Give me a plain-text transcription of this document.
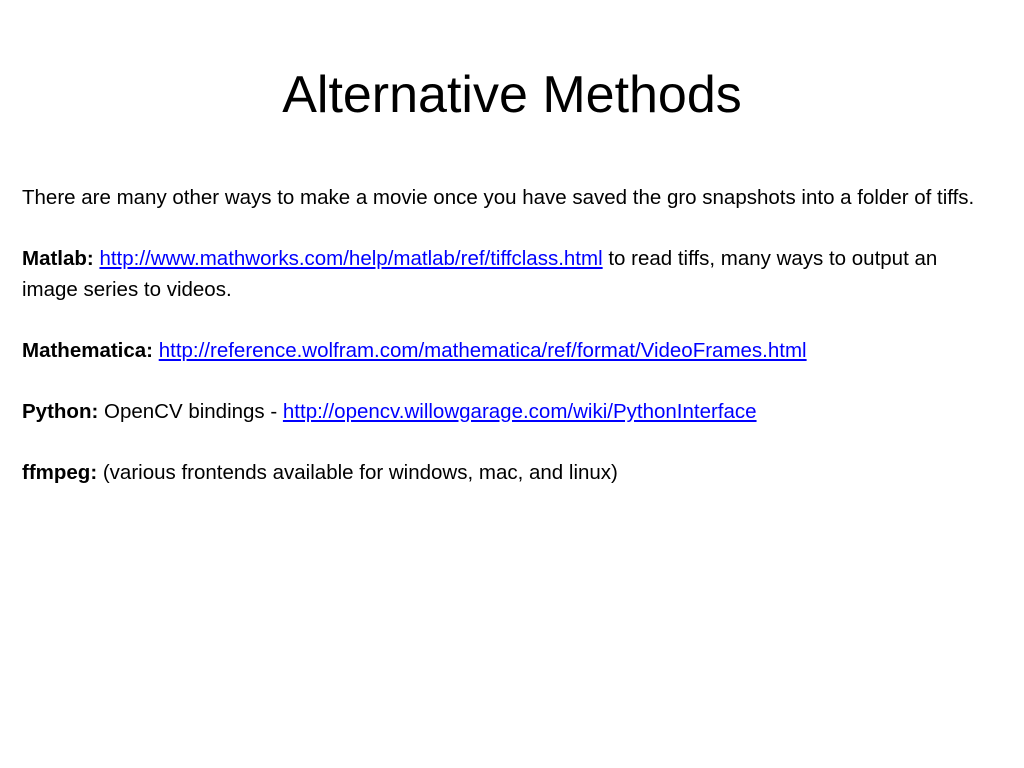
Alternative Methods

There are many other ways to make a movie once you have saved the gro snapshots into a folder of tiffs.

Matlab: http://www.mathworks.com/help/matlab/ref/tiffclass.html to read tiffs, many ways to output an image series to videos.

Mathematica: http://reference.wolfram.com/mathematica/ref/format/VideoFrames.html

Python: OpenCV bindings - http://opencv.willowgarage.com/wiki/PythonInterface

ffmpeg: (various frontends available for windows, mac, and linux)
